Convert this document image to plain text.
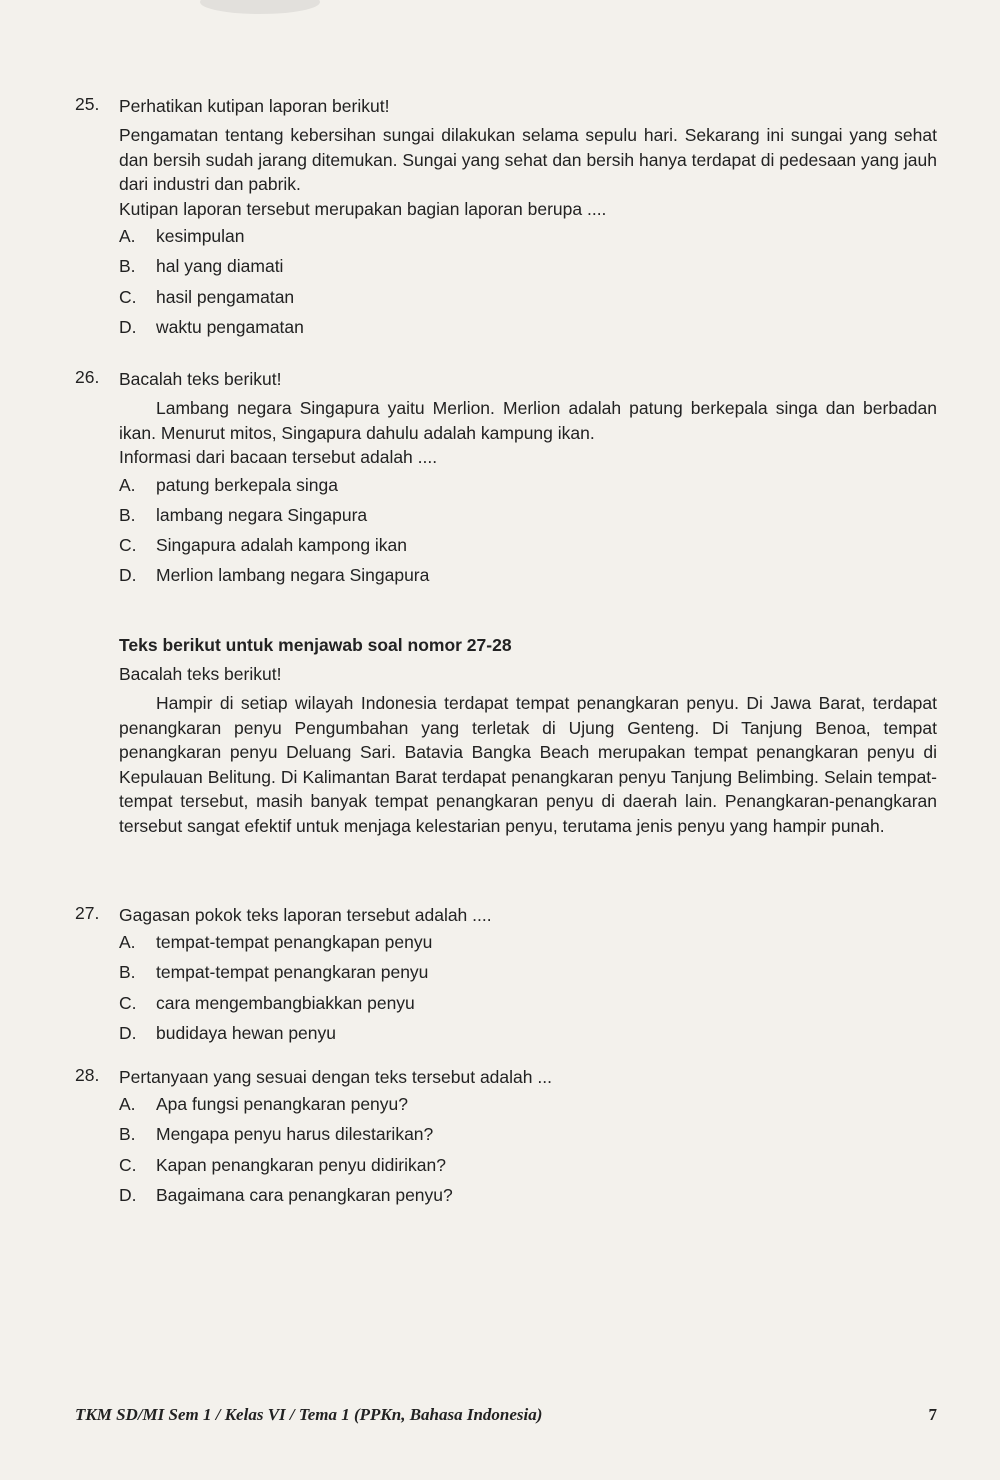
25. Perhatikan kutipan laporan berikut!
Pengamatan tentang kebersihan sungai dilakukan selama sepulu hari. Sekarang ini sungai yang sehat dan bersih sudah jarang ditemukan. Sungai yang sehat dan bersih hanya terdapat di pedesaan yang jauh dari industri dan pabrik.
Kutipan laporan tersebut merupakan bagian laporan berupa ....
A. kesimpulan
B. hal yang diamati
C. hasil pengamatan
D. waktu pengamatan
26. Bacalah teks berikut!
Lambang negara Singapura yaitu Merlion. Merlion adalah patung berkepala singa dan berbadan ikan. Menurut mitos, Singapura dahulu adalah kampung ikan.
Informasi dari bacaan tersebut adalah ....
A. patung berkepala singa
B. lambang negara Singapura
C. Singapura adalah kampong ikan
D. Merlion lambang negara Singapura
Teks berikut untuk menjawab soal nomor 27-28
Bacalah teks berikut!
Hampir di setiap wilayah Indonesia terdapat tempat penangkaran penyu. Di Jawa Barat, terdapat penangkaran penyu Pengumbahan yang terletak di Ujung Genteng. Di Tanjung Benoa, tempat penangkaran penyu Deluang Sari. Batavia Bangka Beach merupakan tempat penangkaran penyu di Kepulauan Belitung. Di Kalimantan Barat terdapat penangkaran penyu Tanjung Belimbing. Selain tempat-tempat tersebut, masih banyak tempat penangkaran penyu di daerah lain. Penangkaran-penangkaran tersebut sangat efektif untuk menjaga kelestarian penyu, terutama jenis penyu yang hampir punah.
27. Gagasan pokok teks laporan tersebut adalah ....
A. tempat-tempat penangkapan penyu
B. tempat-tempat penangkaran penyu
C. cara mengembangbiakkan penyu
D. budidaya hewan penyu
28. Pertanyaan yang sesuai dengan teks tersebut adalah ...
A. Apa fungsi penangkaran penyu?
B. Mengapa penyu harus dilestarikan?
C. Kapan penangkaran penyu didirikan?
D. Bagaimana cara penangkaran penyu?
TKM SD/MI Sem 1 / Kelas VI / Tema 1 (PPKn, Bahasa Indonesia)	7
